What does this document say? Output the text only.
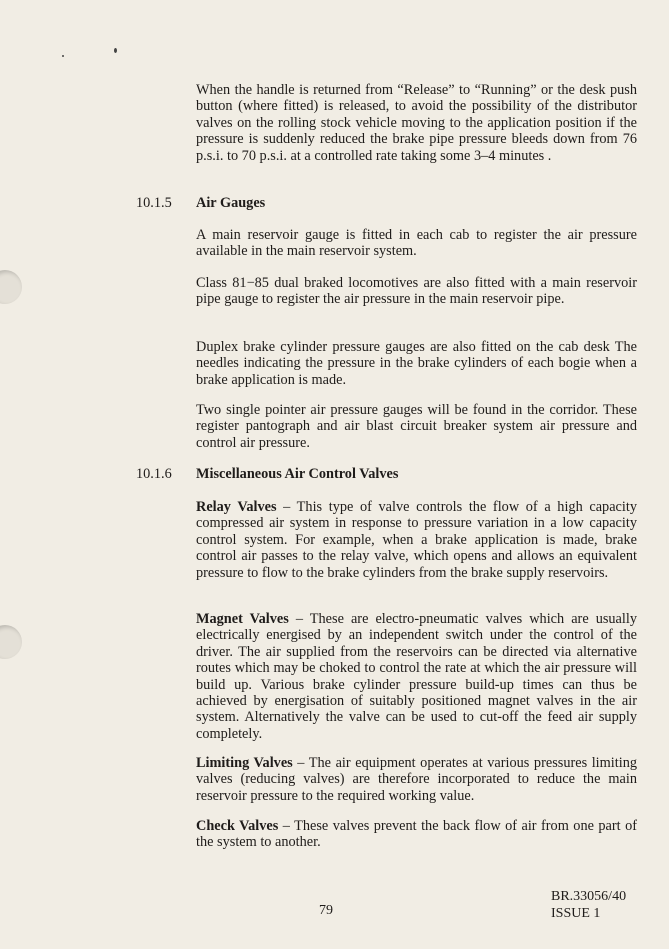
When the handle is returned from “Release” to “Running” or the desk push button (where fitted) is released, to avoid the possibility of the distributor valves on the rolling stock vehicle moving to the application position if the pressure is suddenly reduced the brake pipe pressure bleeds down from 76 p.s.i. to 70 p.s.i. at a controlled rate taking some 3–4 minutes .

10.1.5 Air Gauges

A main reservoir gauge is fitted in each cab to register the air pressure available in the main reservoir system.

Class 81−85 dual braked locomotives are also fitted with a main reservoir pipe gauge to register the air pressure in the main reservoir pipe.

Duplex brake cylinder pressure gauges are also fitted on the cab desk The needles indicating the pressure in the brake cylinders of each bogie when a brake application is made.

Two single pointer air pressure gauges will be found in the corridor. These register pantograph and air blast circuit breaker system air pressure and control air pressure.

10.1.6 Miscellaneous Air Control Valves

Relay Valves – This type of valve controls the flow of a high capacity compressed air system in response to pressure variation in a low capacity control system. For example, when a brake application is made, brake control air passes to the relay valve, which opens and allows an equivalent pressure to flow to the brake cylinders from the brake supply reservoirs.

Magnet Valves – These are electro-pneumatic valves which are usually electrically energised by an independent switch under the control of the driver. The air supplied from the reservoirs can be directed via alternative routes which may be choked to control the rate at which the air pressure will build up. Various brake cylinder pressure build-up times can thus be achieved by energisation of suitably positioned magnet valves in the air system. Alternatively the valve can be used to cut-off the feed air supply completely.

Limiting Valves – The air equipment operates at various pressures limiting valves (reducing valves) are therefore incorporated to reduce the main reservoir pressure to the required working value.

Check Valves – These valves prevent the back flow of air from one part of the system to another.

79
BR.33056/40
ISSUE 1
